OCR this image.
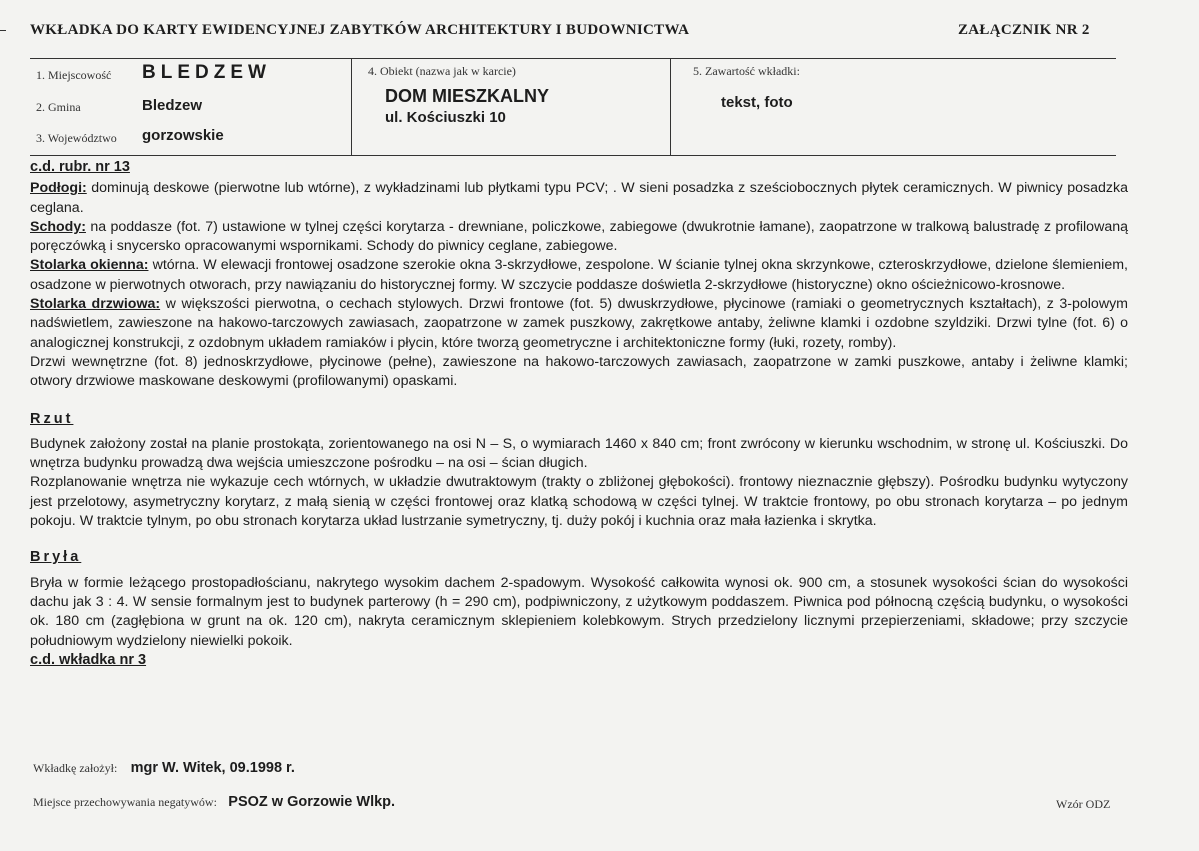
WKŁADKA DO KARTY EWIDENCYJNEJ ZABYTKÓW ARCHITEKTURY I BUDOWNICTWA	ZAŁĄCZNIK NR 2
1. Miejscowość BLEDZEW
2. Gmina	Bledzew
3. Województwo gorzowskie
4. Obiekt (nazwa jak w karcie)
DOM MIESZKALNY
ul. Kościuszki 10
5. Zawartość wkładki:
tekst, foto

c.d. rubr. nr 13

Podłogi: dominują deskowe (pierwotne lub wtórne), z wykładzinami lub płytkami typu PCV; . W sieni posadzka z sześciobocznych płytek ceramicznych. W piwnicy posadzka ceglana.

Schody: na poddasze (fot. 7) ustawione w tylnej części korytarza - drewniane, policzkowe, zabiegowe (dwukrotnie łamane), zaopatrzone w tralkową balustradę z profilowaną poręczówką i snycersko opracowanymi wspornikami. Schody do piwnicy ceglane, zabiegowe.

Stolarka okienna: wtórna. W elewacji frontowej osadzone szerokie okna 3-skrzydłowe, zespolone. W ścianie tylnej okna skrzynkowe, czteroskrzydłowe, dzielone ślemieniem, osadzone w pierwotnych otworach, przy nawiązaniu do historycznej formy. W szczycie poddasze doświetla 2-skrzydłowe (historyczne) okno ościeżnicowo-krosnowe.

Stolarka drzwiowa: w większości pierwotna, o cechach stylowych. Drzwi frontowe (fot. 5) dwuskrzydłowe, płycinowe (ramiaki o geometrycznych kształtach), z 3-polowym nadświetlem, zawieszone na hakowo-tarczowych zawiasach, zaopatrzone w zamek puszkowy, zakrętkowe antaby, żeliwne klamki i ozdobne szyldziki. Drzwi tylne (fot. 6) o analogicznej konstrukcji, z ozdobnym układem ramiaków i płycin, które tworzą geometryczne i architektoniczne formy (łuki, rozety, romby).

Drzwi wewnętrzne (fot. 8) jednoskrzydłowe, płycinowe (pełne), zawieszone na hakowo-tarczowych zawiasach, zaopatrzone w zamki puszkowe, antaby i żeliwne klamki; otwory drzwiowe maskowane deskowymi (profilowanymi) opaskami.

Rzut

Budynek założony został na planie prostokąta, zorientowanego na osi N – S, o wymiarach 1460 x 840 cm; front zwrócony w kierunku wschodnim, w stronę ul. Kościuszki. Do wnętrza budynku prowadzą dwa wejścia umieszczone pośrodku – na osi – ścian długich.

Rozplanowanie wnętrza nie wykazuje cech wtórnych, w układzie dwutraktowym (trakty o zbliżonej głębokości). frontowy nieznacznie głębszy). Pośrodku budynku wytyczony jest przelotowy, asymetryczny korytarz, z małą sienią w części frontowej oraz klatką schodową w części tylnej. W traktcie frontowy, po obu stronach korytarza – po jednym pokoju. W traktcie tylnym, po obu stronach korytarza układ lustrzanie symetryczny, tj. duży pokój i kuchnia oraz mała łazienka i skrytka.

Bryła

Bryła w formie leżącego prostopadłościanu, nakrytego wysokim dachem 2-spadowym. Wysokość całkowita wynosi ok. 900 cm, a stosunek wysokości ścian do wysokości dachu jak 3 : 4. W sensie formalnym jest to budynek parterowy (h = 290 cm), podpiwniczony, z użytkowym poddaszem. Piwnica pod północną częścią budynku, o wysokości ok. 180 cm (zagłębiona w grunt na ok. 120 cm), nakryta ceramicznym sklepieniem kolebkowym. Strych przedzielony licznymi przepierzeniami, składowe; przy szczycie południowym wydzielony niewielki pokoik.

c.d. wkładka nr 3

Wkładkę założył: mgr W. Witek, 09.1998 r.
Miejsce przechowywania negatywów: PSOZ w Gorzowie Wlkp.	Wzór ODZ
